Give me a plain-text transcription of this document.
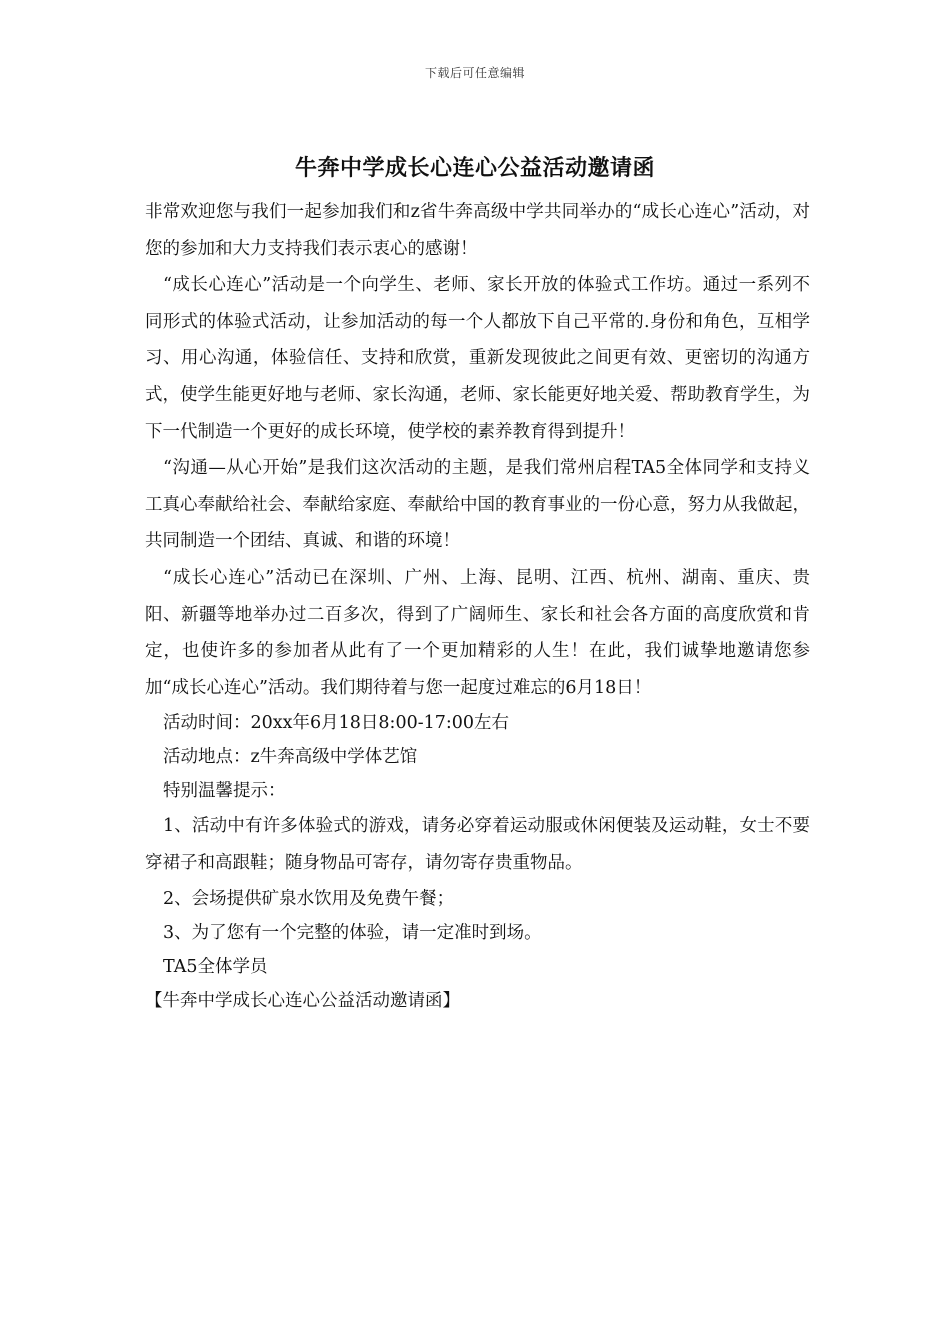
下载后可任意编辑
牛奔中学成长心连心公益活动邀请函

非常欢迎您与我们一起参加我们和z省牛奔高级中学共同举办的“成长心连心”活动，对您的参加和大力支持我们表示衷心的感谢！

“成长心连心”活动是一个向学生、老师、家长开放的体验式工作坊。通过一系列不同形式的体验式活动，让参加活动的每一个人都放下自己平常的.身份和角色，互相学习、用心沟通，体验信任、支持和欣赏，重新发现彼此之间更有效、更密切的沟通方式，使学生能更好地与老师、家长沟通，老师、家长能更好地关爱、帮助教育学生，为下一代制造一个更好的成长环境，使学校的素养教育得到提升！

“沟通—从心开始”是我们这次活动的主题，是我们常州启程TA5全体同学和支持义工真心奉献给社会、奉献给家庭、奉献给中国的教育事业的一份心意，努力从我做起，共同制造一个团结、真诚、和谐的环境！

“成长心连心”活动已在深圳、广州、上海、昆明、江西、杭州、湖南、重庆、贵阳、新疆等地举办过二百多次，得到了广阔师生、家长和社会各方面的高度欣赏和肯定，也使许多的参加者从此有了一个更加精彩的人生！在此，我们诚挚地邀请您参加“成长心连心”活动。我们期待着与您一起度过难忘的6月18日！

活动时间：20xx年6月18日8:00-17:00左右

活动地点：z牛奔高级中学体艺馆

特别温馨提示：

1、活动中有许多体验式的游戏，请务必穿着运动服或休闲便装及运动鞋，女士不要穿裙子和高跟鞋；随身物品可寄存，请勿寄存贵重物品。

2、会场提供矿泉水饮用及免费午餐；

3、为了您有一个完整的体验，请一定准时到场。

TA5全体学员

【牛奔中学成长心连心公益活动邀请函】
